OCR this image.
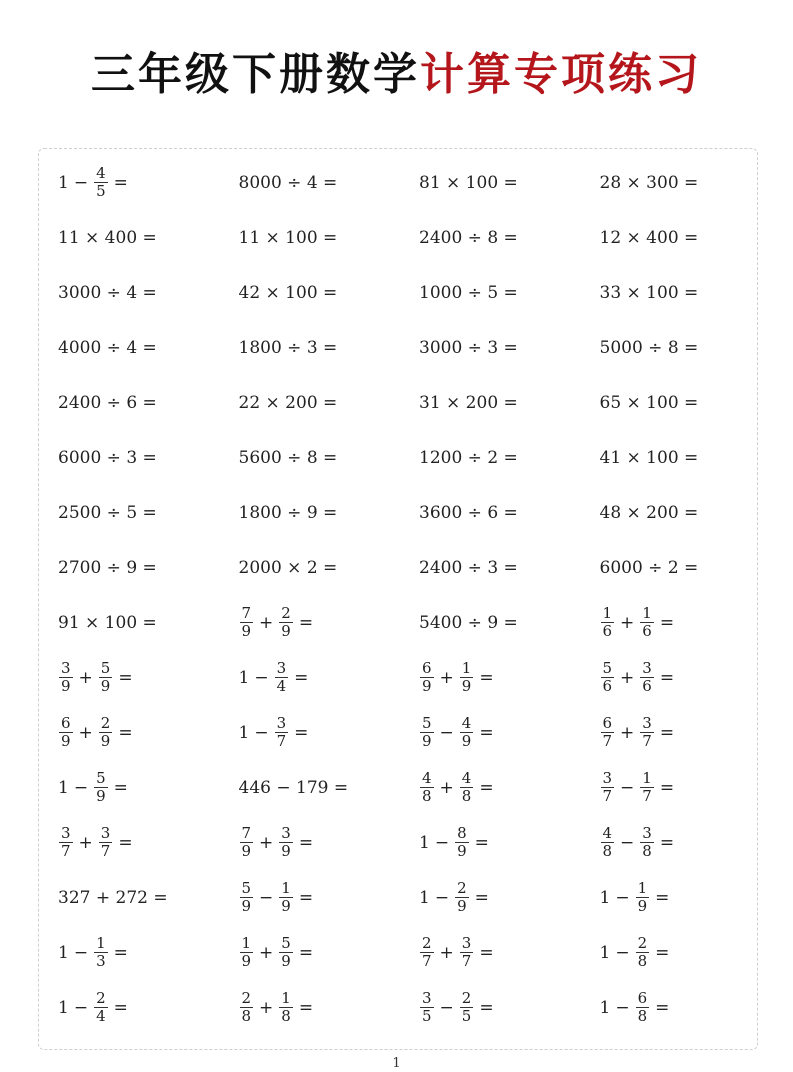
三年级下册数学计算专项练习
$1 - \frac{4}{5}$ =	8000 ÷ 4 =	81 × 100 =	28 × 300 =
11 × 400 =	11 × 100 =	2400 ÷ 8 =	12 × 400 =
3000 ÷ 4 =	42 × 100 =	1000 ÷ 5 =	33 × 100 =
4000 ÷ 4 =	1800 ÷ 3 =	3000 ÷ 3 =	5000 ÷ 8 =
2400 ÷ 6 =	22 × 200 =	31 × 200 =	65 × 100 =
6000 ÷ 3 =	5600 ÷ 8 =	1200 ÷ 2 =	41 × 100 =
2500 ÷ 5 =	1800 ÷ 9 =	3600 ÷ 6 =	48 × 200 =
2700 ÷ 9 =	2000 × 2 =	2400 ÷ 3 =	6000 ÷ 2 =
91 × 100 =	$\frac{7}{9} + \frac{2}{9}$ =	5400 ÷ 9 =	$\frac{1}{6} + \frac{1}{6}$ =
$\frac{3}{9} + \frac{5}{9}$ =	$1 - \frac{3}{4}$ =	$\frac{6}{9} + \frac{1}{9}$ =	$\frac{5}{6} + \frac{3}{6}$ =
$\frac{6}{9} + \frac{2}{9}$ =	$1 - \frac{3}{7}$ =	$\frac{5}{9} - \frac{4}{9}$ =	$\frac{6}{7} + \frac{3}{7}$ =
$1 - \frac{5}{9}$ =	446 − 179 =	$\frac{4}{8} + \frac{4}{8}$ =	$\frac{3}{7} - \frac{1}{7}$ =
$\frac{3}{7} + \frac{3}{7}$ =	$\frac{7}{9} + \frac{3}{9}$ =	$1 - \frac{8}{9}$ =	$\frac{4}{8} - \frac{3}{8}$ =
327 + 272 =	$\frac{5}{9} - \frac{1}{9}$ =	$1 - \frac{2}{9}$ =	$1 - \frac{1}{9}$ =
$1 - \frac{1}{3}$ =	$\frac{1}{9} + \frac{5}{9}$ =	$\frac{2}{7} + \frac{3}{7}$ =	$1 - \frac{2}{8}$ =
$1 - \frac{2}{4}$ =	$\frac{2}{8} + \frac{1}{8}$ =	$\frac{3}{5} - \frac{2}{5}$ =	$1 - \frac{6}{8}$ =
1
